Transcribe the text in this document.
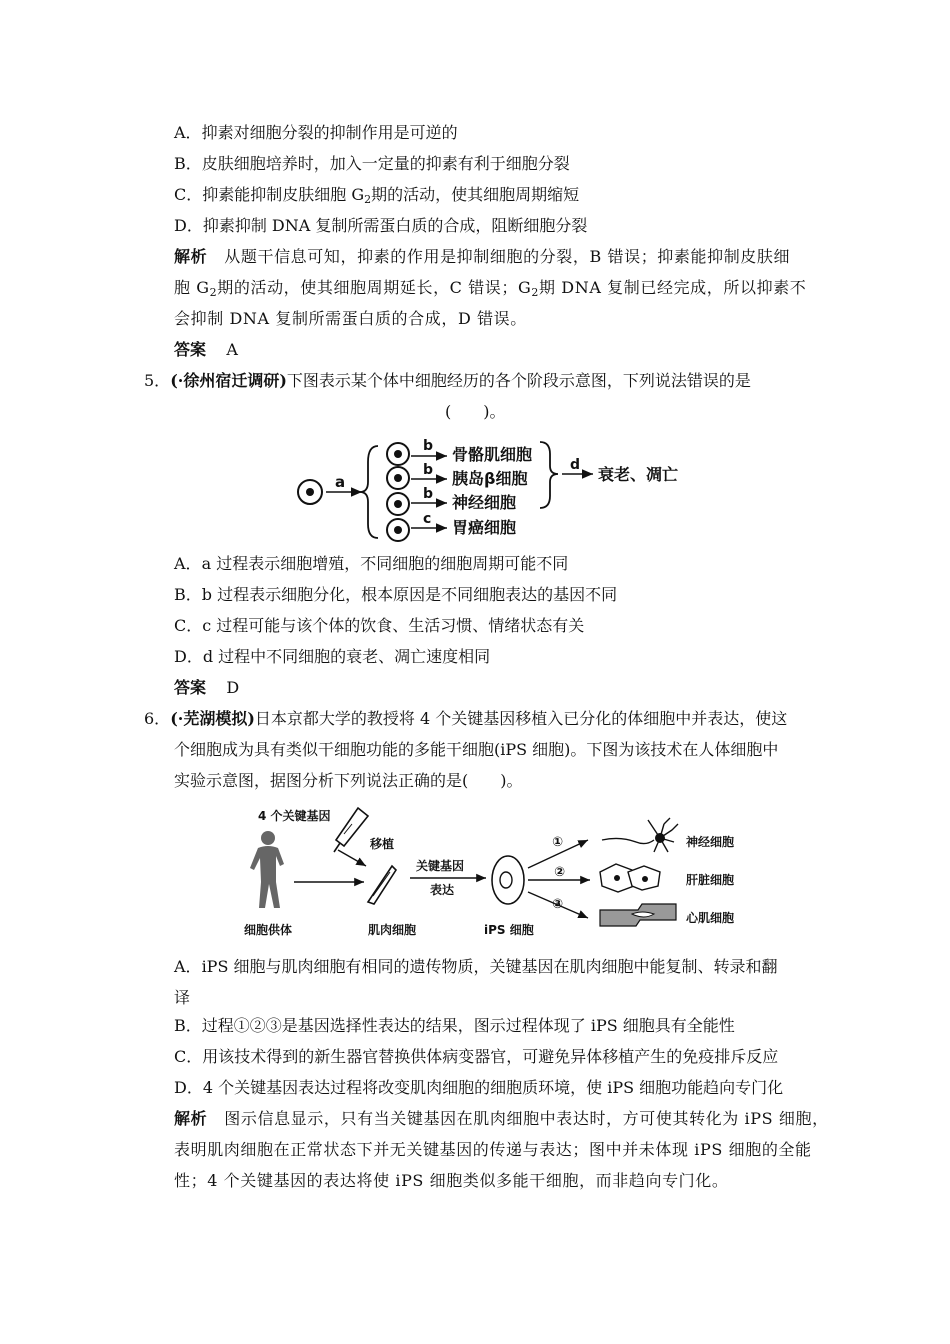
A．抑素对细胞分裂的抑制作用是可逆的
B．皮肤细胞培养时，加入一定量的抑素有利于细胞分裂
C．抑素能抑制皮肤细胞 $G_2$期的活动，使其细胞周期缩短
D．抑素抑制 DNA 复制所需蛋白质的合成，阻断细胞分裂
解析 从题干信息可知，抑素的作用是抑制细胞的分裂，B 错误；抑素能抑制皮肤细
胞 $G_2$期的活动，使其细胞周期延长，C 错误；$G_2$期 DNA 复制已经完成，所以抑素不
会抑制 DNA 复制所需蛋白质的合成，D 错误。
答案 A
5．(·徐州宿迁调研)下图表示某个体中细胞经历的各个阶段示意图，下列说法错误的是
(　　)。
a
b 骨骼肌细胞
b 胰岛β细胞
b 神经细胞
c 胃癌细胞
d 衰老、凋亡
A．a 过程表示细胞增殖，不同细胞的细胞周期可能不同
B．b 过程表示细胞分化，根本原因是不同细胞表达的基因不同
C．c 过程可能与该个体的饮食、生活习惯、情绪状态有关
D．d 过程中不同细胞的衰老、凋亡速度相同
答案 D
6．(·芜湖模拟)日本京都大学的教授将 4 个关键基因移植入已分化的体细胞中并表达，使这
个细胞成为具有类似干细胞功能的多能干细胞(iPS 细胞)。下图为该技术在人体细胞中
实验示意图，据图分析下列说法正确的是(　　)。
4 个关键基因
移植
细胞供体	肌肉细胞
关键基因
表达
iPS 细胞
①
②
③
神经细胞
肝脏细胞
心肌细胞
A．iPS 细胞与肌肉细胞有相同的遗传物质，关键基因在肌肉细胞中能复制、转录和翻
译
B．过程①②③是基因选择性表达的结果，图示过程体现了 iPS 细胞具有全能性
C．用该技术得到的新生器官替换供体病变器官，可避免异体移植产生的免疫排斥反应
D．4 个关键基因表达过程将改变肌肉细胞的细胞质环境，使 iPS 细胞功能趋向专门化
解析 图示信息显示，只有当关键基因在肌肉细胞中表达时，方可使其转化为 iPS 细胞，
表明肌肉细胞在正常状态下并无关键基因的传递与表达；图中并未体现 iPS 细胞的全能
性；4 个关键基因的表达将使 iPS 细胞类似多能干细胞，而非趋向专门化。
